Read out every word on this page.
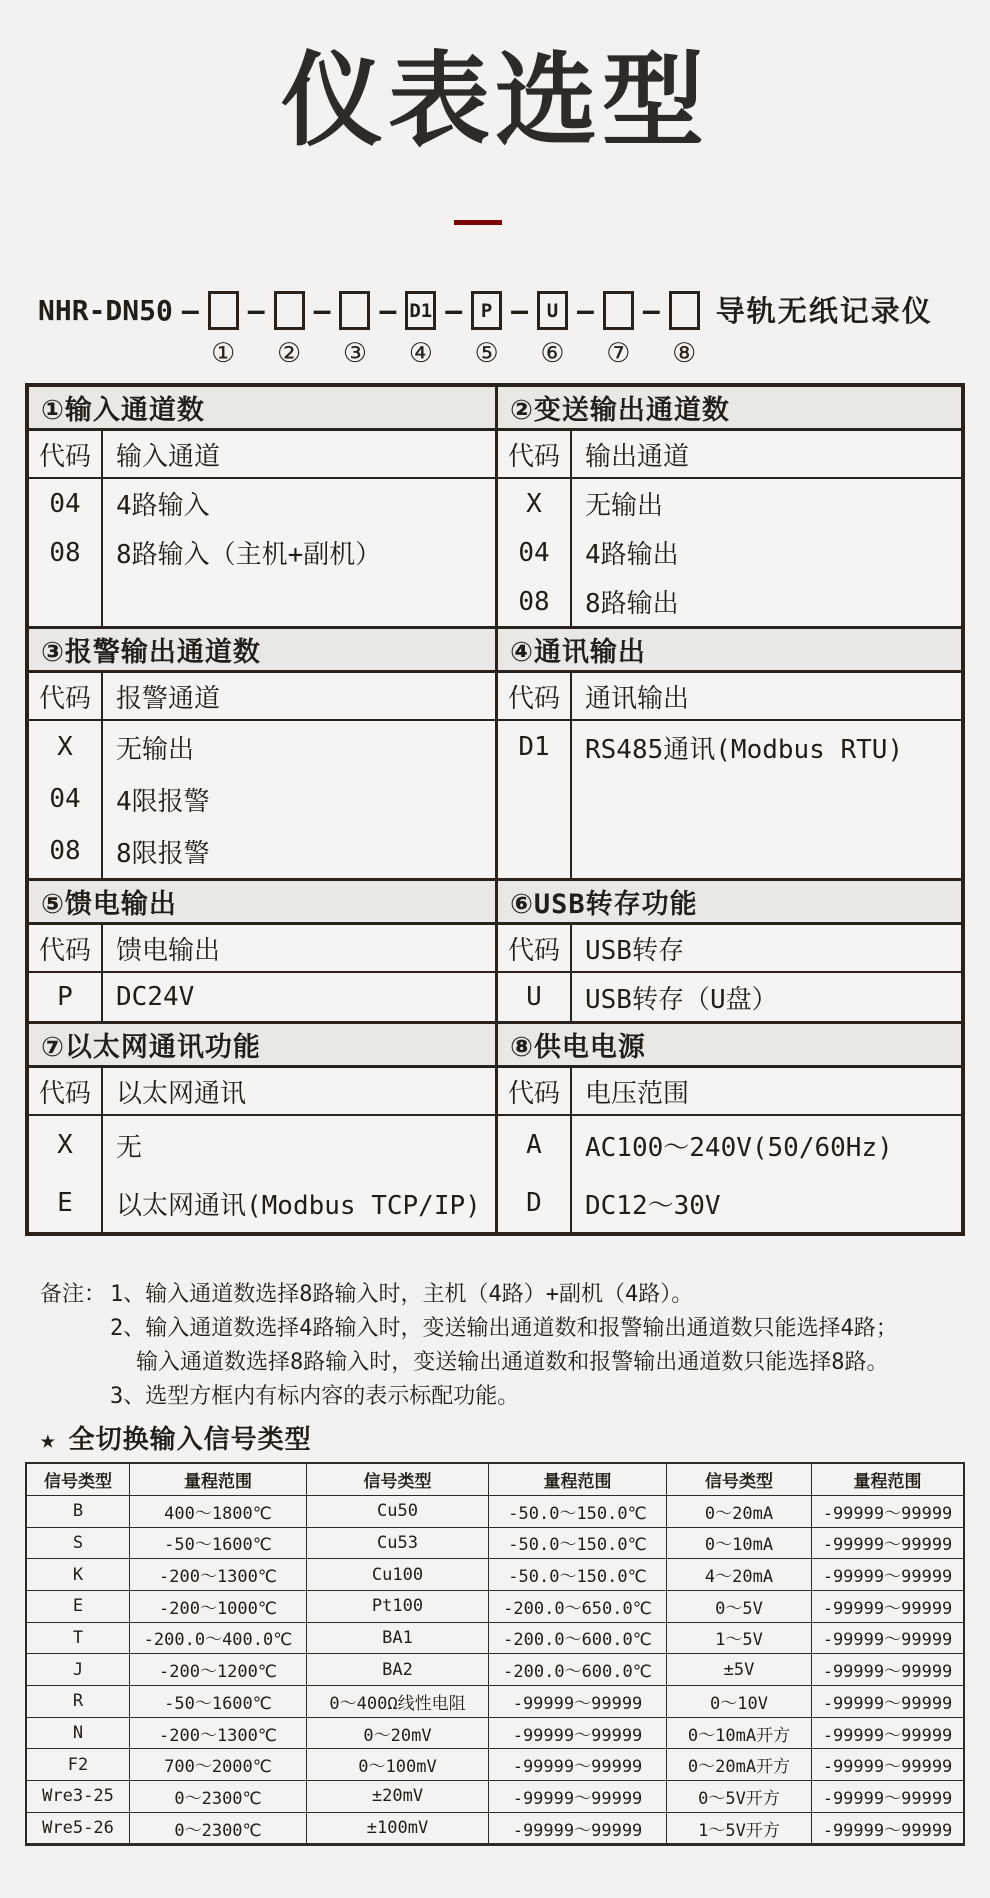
仪表选型
NHR-DN50 –
①
–
②
–
③
– D1
④
– P
⑤
– U
⑥
–
⑦
–
⑧
导轨无纸记录仪
①输入通道数
代码 输入通道
04	4路输入
08	8路输入（主机+副机）
②变送输出通道数
代码 输出通道
X	无输出
04	4路输出
08	8路输出
③报警输出通道数
代码 报警通道
X	无输出
04	4限报警
08	8限报警
④通讯输出
代码 通讯输出
D1	RS485通讯(Modbus RTU)
⑤馈电输出
代码 馈电输出
P	DC24V
⑥USB转存功能
代码 USB转存
U	USB转存（U盘）
⑦以太网通讯功能
代码 以太网通讯
X	无
E	以太网通讯(Modbus TCP/IP)
⑧供电电源
代码 电压范围
A	AC100～240V(50/60Hz)
D	DC12～30V
备注： 1、输入通道数选择8路输入时，主机（4路）+副机（4路）。
2、输入通道数选择4路输入时，变送输出通道数和报警输出通道数只能选择4路；
输入通道数选择8路输入时，变送输出通道数和报警输出通道数只能选择8路。
3、选型方框内有标内容的表示标配功能。
★ 全切换输入信号类型
信号类型	量程范围	信号类型	量程范围	信号类型	量程范围
B	400～1800℃	Cu50	-50.0～150.0℃	0～20mA	-99999～99999
S	-50～1600℃	Cu53	-50.0～150.0℃	0～10mA	-99999～99999
K	-200～1300℃	Cu100	-50.0～150.0℃	4～20mA	-99999～99999
E	-200～1000℃	Pt100	-200.0～650.0℃	0～5V	-99999～99999
T	-200.0～400.0℃	BA1	-200.0～600.0℃	1～5V	-99999～99999
J	-200～1200℃	BA2	-200.0～600.0℃	±5V	-99999～99999
R	-50～1600℃	0～400Ω线性电阻	-99999～99999	0～10V	-99999～99999
N	-200～1300℃	0～20mV	-99999～99999	0～10mA开方	-99999～99999
F2	700～2000℃	0～100mV	-99999～99999	0～20mA开方	-99999～99999
Wre3-25	0～2300℃	±20mV	-99999～99999	0～5V开方	-99999～99999
Wre5-26	0～2300℃	±100mV	-99999～99999	1～5V开方	-99999～99999
